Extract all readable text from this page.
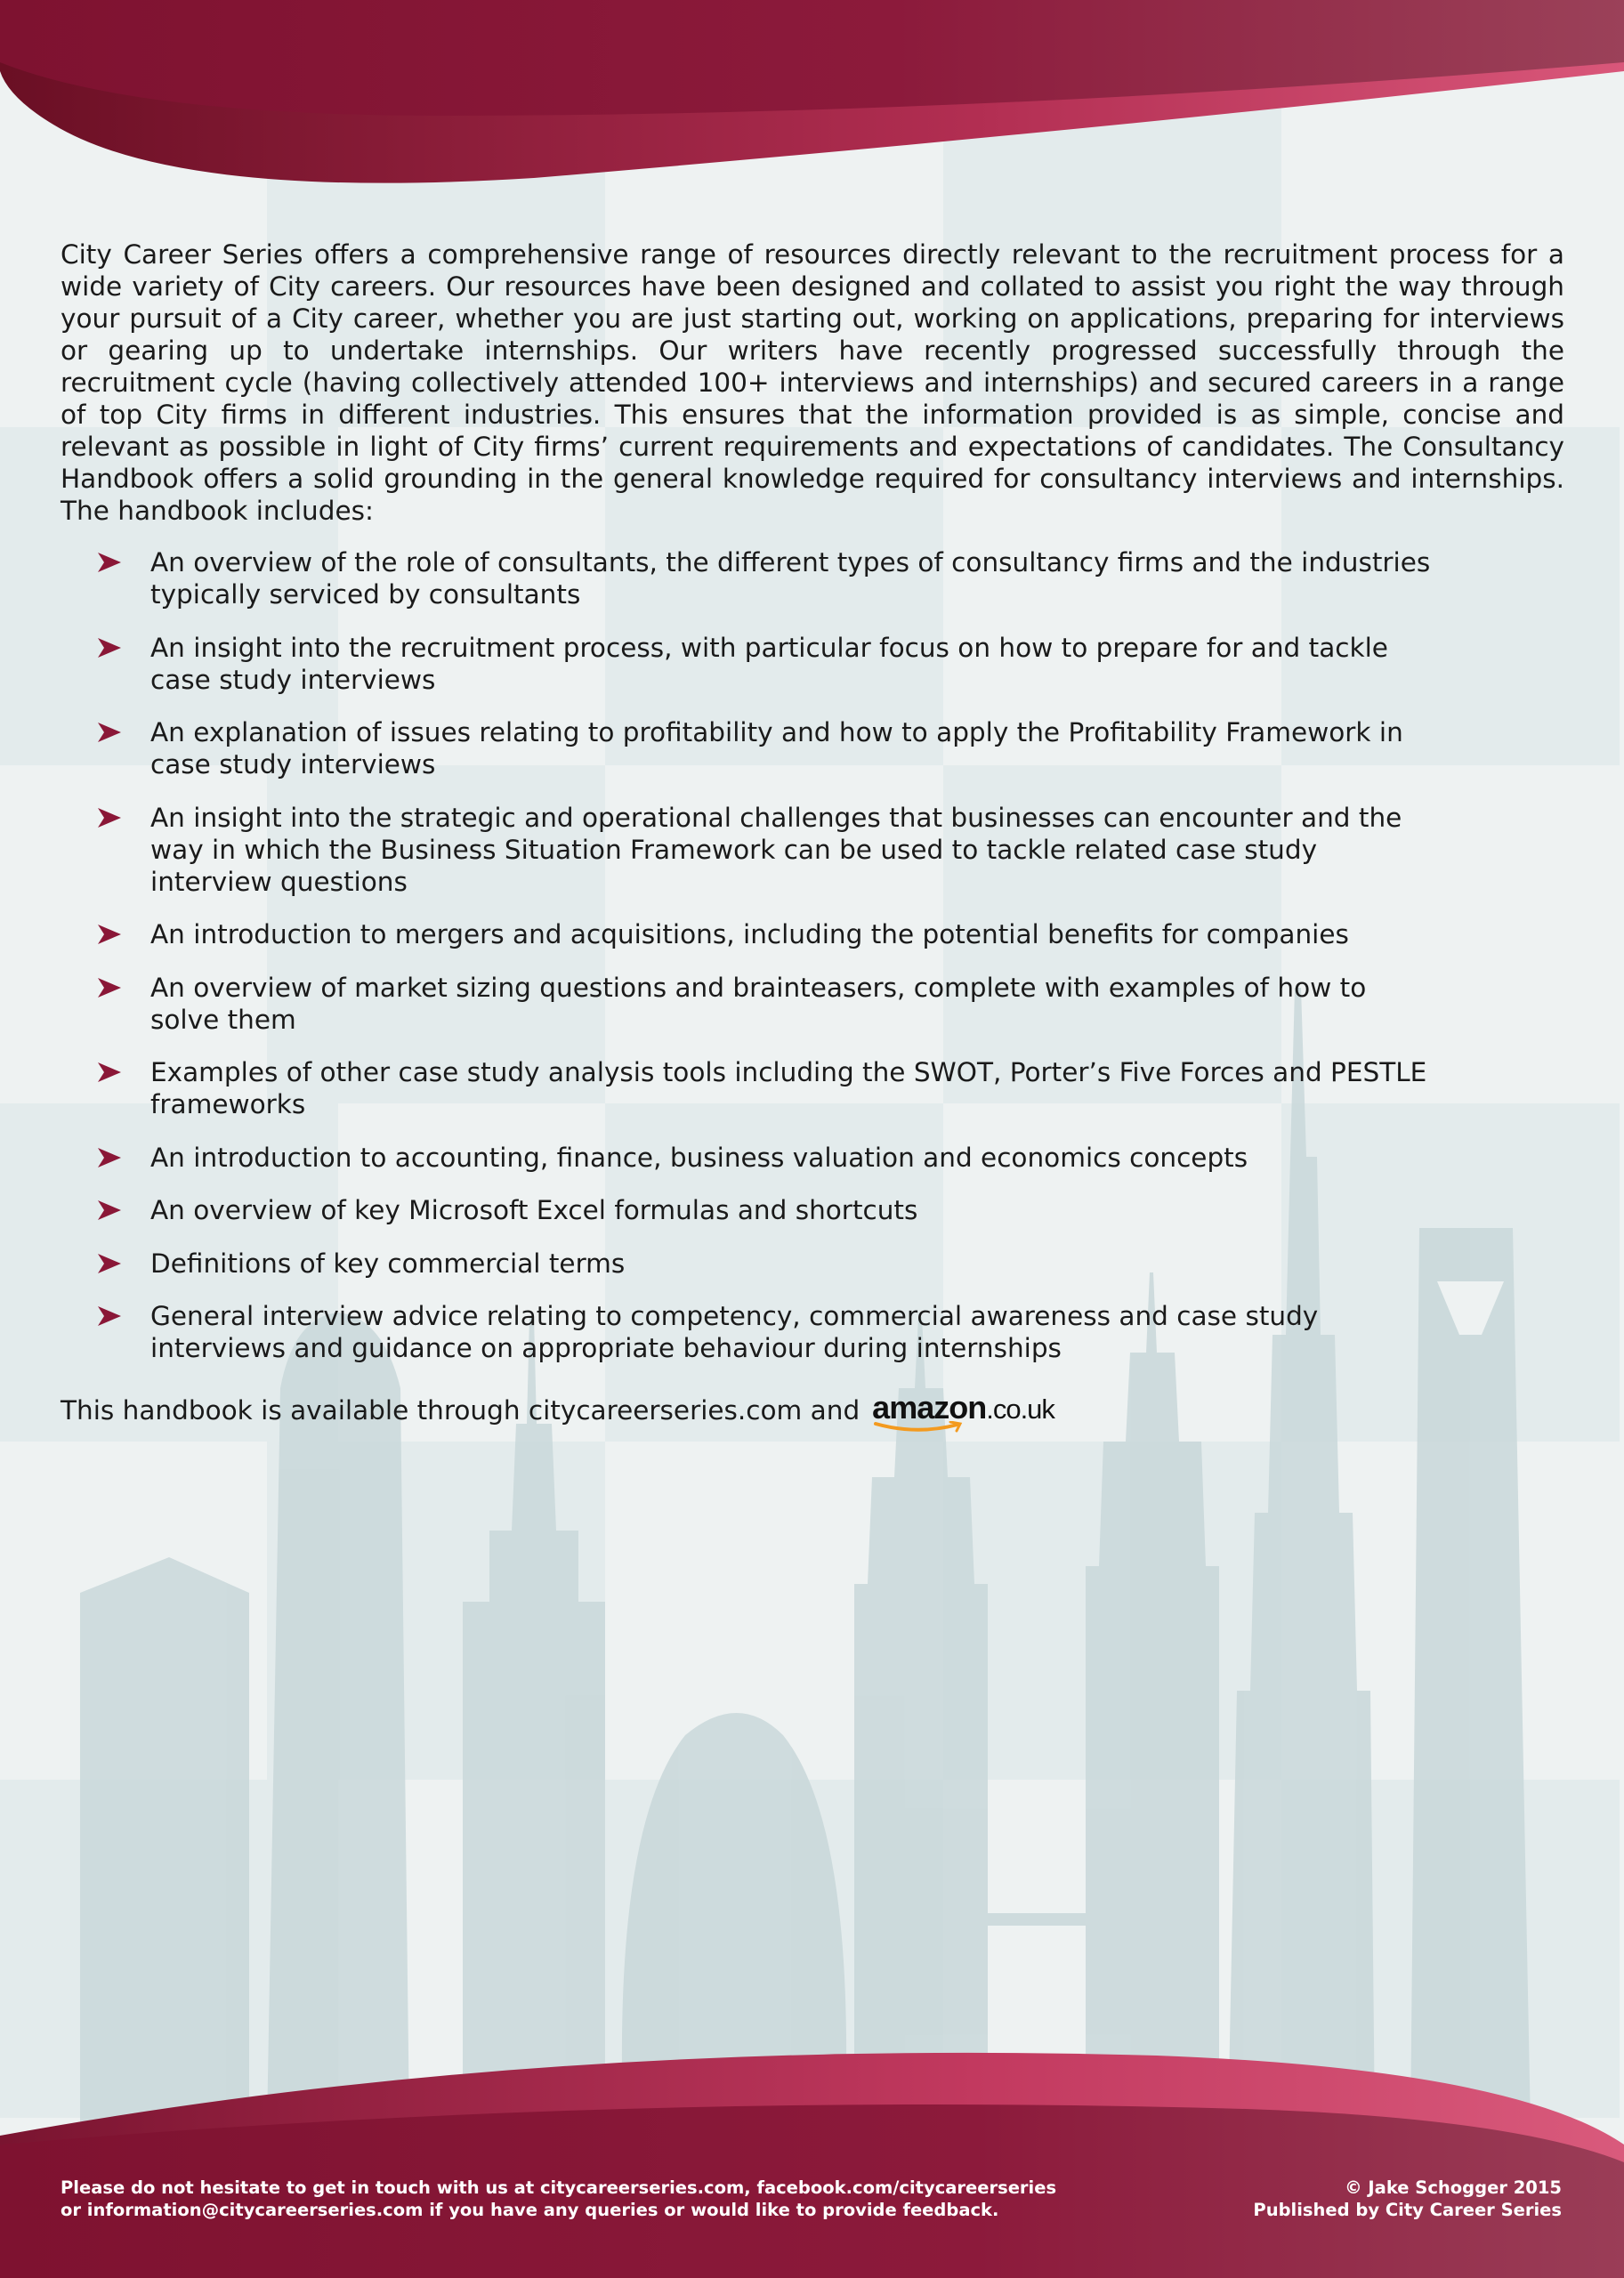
City Career Series offers a comprehensive range of resources directly relevant to the recruitment process for a wide variety of City careers. Our resources have been designed and collated to assist you right the way through your pursuit of a City career, whether you are just starting out, working on applications, preparing for interviews or gearing up to undertake internships. Our writers have recently progressed successfully through the recruitment cycle (having collectively attended 100+ interviews and internships) and secured careers in a range of top City firms in different industries. This ensures that the information provided is as simple, concise and relevant as possible in light of City firms’ current requirements and expectations of candidates. The Consultancy Handbook offers a solid grounding in the general knowledge required for consultancy interviews and internships. The handbook includes:

An overview of the role of consultants, the different types of consultancy firms and the industries typically serviced by consultants
An insight into the recruitment process, with particular focus on how to prepare for and tackle case study interviews
An explanation of issues relating to profitability and how to apply the Profitability Framework in case study interviews
An insight into the strategic and operational challenges that businesses can encounter and the way in which the Business Situation Framework can be used to tackle related case study interview questions
An introduction to mergers and acquisitions, including the potential benefits for companies
An overview of market sizing questions and brainteasers, complete with examples of how to solve them
Examples of other case study analysis tools including the SWOT, Porter’s Five Forces and PESTLE frameworks
An introduction to accounting, finance, business valuation and economics concepts
An overview of key Microsoft Excel formulas and shortcuts
Definitions of key commercial terms
General interview advice relating to competency, commercial awareness and case study interviews and guidance on appropriate behaviour during internships
This handbook is available through citycareerseries.com and amazon.co.uk
Please do not hesitate to get in touch with us at citycareerseries.com, facebook.com/citycareerseries
or information@citycareerseries.com if you have any queries or would like to provide feedback.
© Jake Schogger 2015
Published by City Career Series
